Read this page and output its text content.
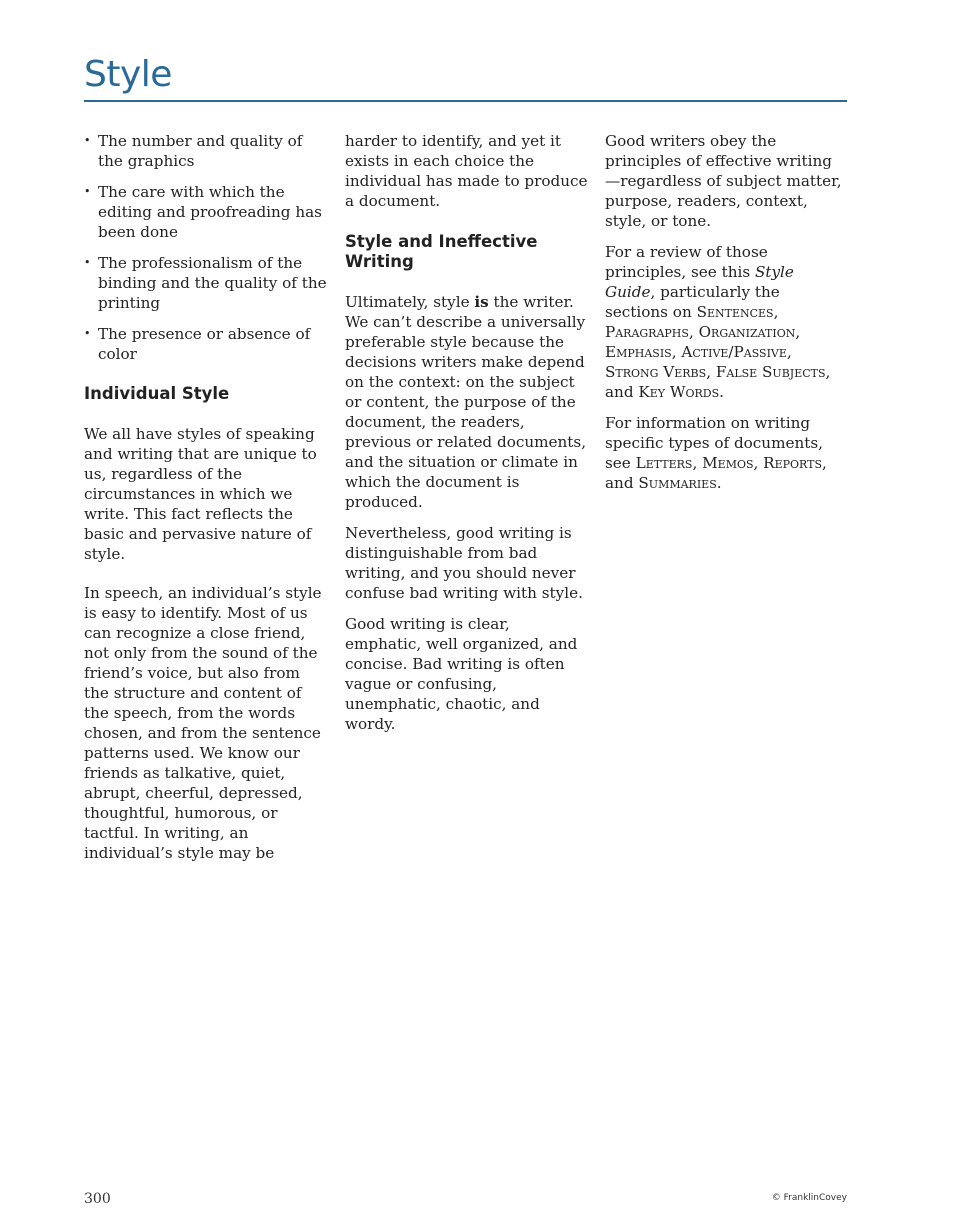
Style
• The number and quality of the graphics
• The care with which the editing and proofreading has been done
• The professionalism of the binding and the quality of the printing
• The presence or absence of color
Individual Style

We all have styles of speaking and writing that are unique to us, regardless of the circumstances in which we write. This fact reflects the basic and pervasive nature of style.

In speech, an individual’s style is easy to identify. Most of us can recognize a close friend, not only from the sound of the friend’s voice, but also from the structure and content of the speech, from the words chosen, and from the sentence patterns used. We know our friends as talkative, quiet, abrupt, cheerful, depressed, thoughtful, humorous, or tactful. In writing, an individual’s style may be

harder to identify, and yet it exists in each choice the individual has made to produce a document.

Style and Ineffective Writing

Ultimately, style is the writer. We can’t describe a universally preferable style because the decisions writers make depend on the context: on the subject or content, the purpose of the document, the readers, previous or related documents, and the situation or climate in which the document is produced.

Nevertheless, good writing is distinguishable from bad writing, and you should never confuse bad writing with style.

Good writing is clear, emphatic, well organized, and concise. Bad writing is often vague or confusing, unemphatic, chaotic, and wordy.

Good writers obey the principles of effective writing—regardless of subject matter, purpose, readers, context, style, or tone.

For a review of those principles, see this Style Guide, particularly the sections on Sentences, Paragraphs, Organization, Emphasis, Active/Passive, Strong Verbs, False Subjects, and Key Words.

For information on writing specific types of documents, see Letters, Memos, Reports, and Summaries.

300	© FranklinCovey
